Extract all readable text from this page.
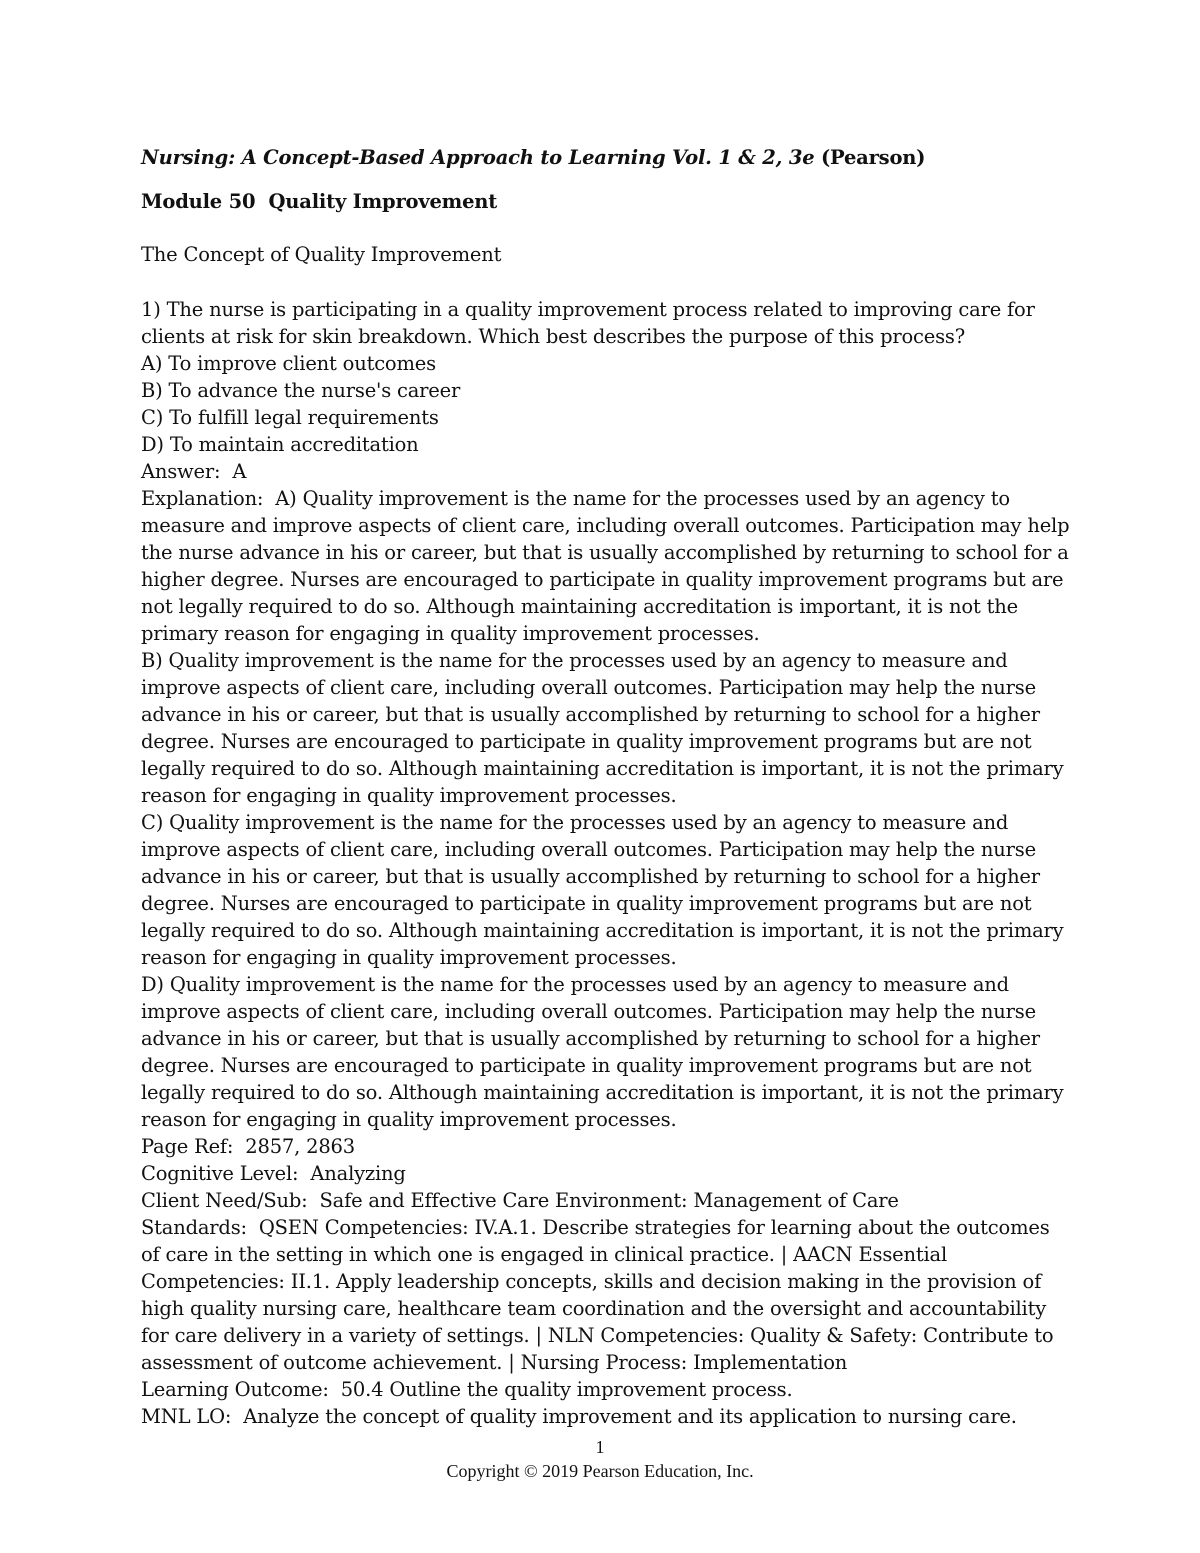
Nursing: A Concept-Based Approach to Learning Vol. 1 & 2, 3e (Pearson)

Module 50  Quality Improvement

The Concept of Quality Improvement

1) The nurse is participating in a quality improvement process related to improving care for clients at risk for skin breakdown. Which best describes the purpose of this process?
A) To improve client outcomes
B) To advance the nurse's career
C) To fulfill legal requirements
D) To maintain accreditation
Answer:  A
Explanation:  A) Quality improvement is the name for the processes used by an agency to measure and improve aspects of client care, including overall outcomes. Participation may help the nurse advance in his or career, but that is usually accomplished by returning to school for a higher degree. Nurses are encouraged to participate in quality improvement programs but are not legally required to do so. Although maintaining accreditation is important, it is not the primary reason for engaging in quality improvement processes.
B) Quality improvement is the name for the processes used by an agency to measure and improve aspects of client care, including overall outcomes. Participation may help the nurse advance in his or career, but that is usually accomplished by returning to school for a higher degree. Nurses are encouraged to participate in quality improvement programs but are not legally required to do so. Although maintaining accreditation is important, it is not the primary reason for engaging in quality improvement processes.
C) Quality improvement is the name for the processes used by an agency to measure and improve aspects of client care, including overall outcomes. Participation may help the nurse advance in his or career, but that is usually accomplished by returning to school for a higher degree. Nurses are encouraged to participate in quality improvement programs but are not legally required to do so. Although maintaining accreditation is important, it is not the primary reason for engaging in quality improvement processes.
D) Quality improvement is the name for the processes used by an agency to measure and improve aspects of client care, including overall outcomes. Participation may help the nurse advance in his or career, but that is usually accomplished by returning to school for a higher degree. Nurses are encouraged to participate in quality improvement programs but are not legally required to do so. Although maintaining accreditation is important, it is not the primary reason for engaging in quality improvement processes.
Page Ref:  2857, 2863
Cognitive Level:  Analyzing
Client Need/Sub:  Safe and Effective Care Environment: Management of Care
Standards:  QSEN Competencies: IV.A.1. Describe strategies for learning about the outcomes of care in the setting in which one is engaged in clinical practice. | AACN Essential Competencies: II.1. Apply leadership concepts, skills and decision making in the provision of high quality nursing care, healthcare team coordination and the oversight and accountability for care delivery in a variety of settings. | NLN Competencies: Quality & Safety: Contribute to assessment of outcome achievement. | Nursing Process: Implementation
Learning Outcome:  50.4 Outline the quality improvement process.
MNL LO:  Analyze the concept of quality improvement and its application to nursing care.
1
Copyright © 2019 Pearson Education, Inc.
